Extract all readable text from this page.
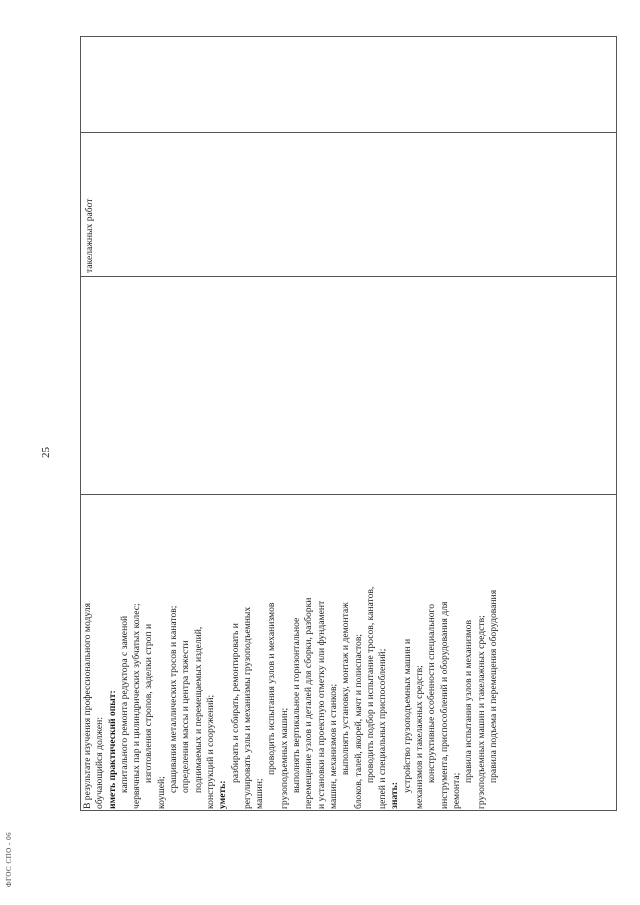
ФГОС СПО - 06
25
В результате изучения профессионального модуля обучающийся должен: иметь практический опыт: капитального ремонта редуктора с заменой червячных пар и цилиндрических зубчатых колес; изготовления стропов, заделки строп и
коушей; сращивания металлических тросов и канатов; определения массы и центра тяжести поднимаемых и перемещаемых изделий, конструкций и сооружений; уметь:
разбирать и собирать, ремонтировать и регулировать узлы и механизмы грузоподъемных машин;
проводить испытания узлов и механизмов грузоподъемных машин; выполнять вертикальное и горизонтальное перемещение узлов и деталей для сборки, разборки и установки на проектную отметку или фундамент машин, механизмов и станков; выполнять установку, монтаж и демонтаж блоков, талей, якорей, мачт и полиспастов; проводить подбор и испытание тросов, канатов, цепей и специальных приспособлений; знать:
устройство грузоподъемных машин и механизмов и такелажных средств; конструктивные особенности специального инструмента, приспособлений и оборудования для ремонта;
правила испытания узлов и механизмов грузоподъемных машин и такелажных средств; правила подъема и перемещения оборудования
такелажных работ
